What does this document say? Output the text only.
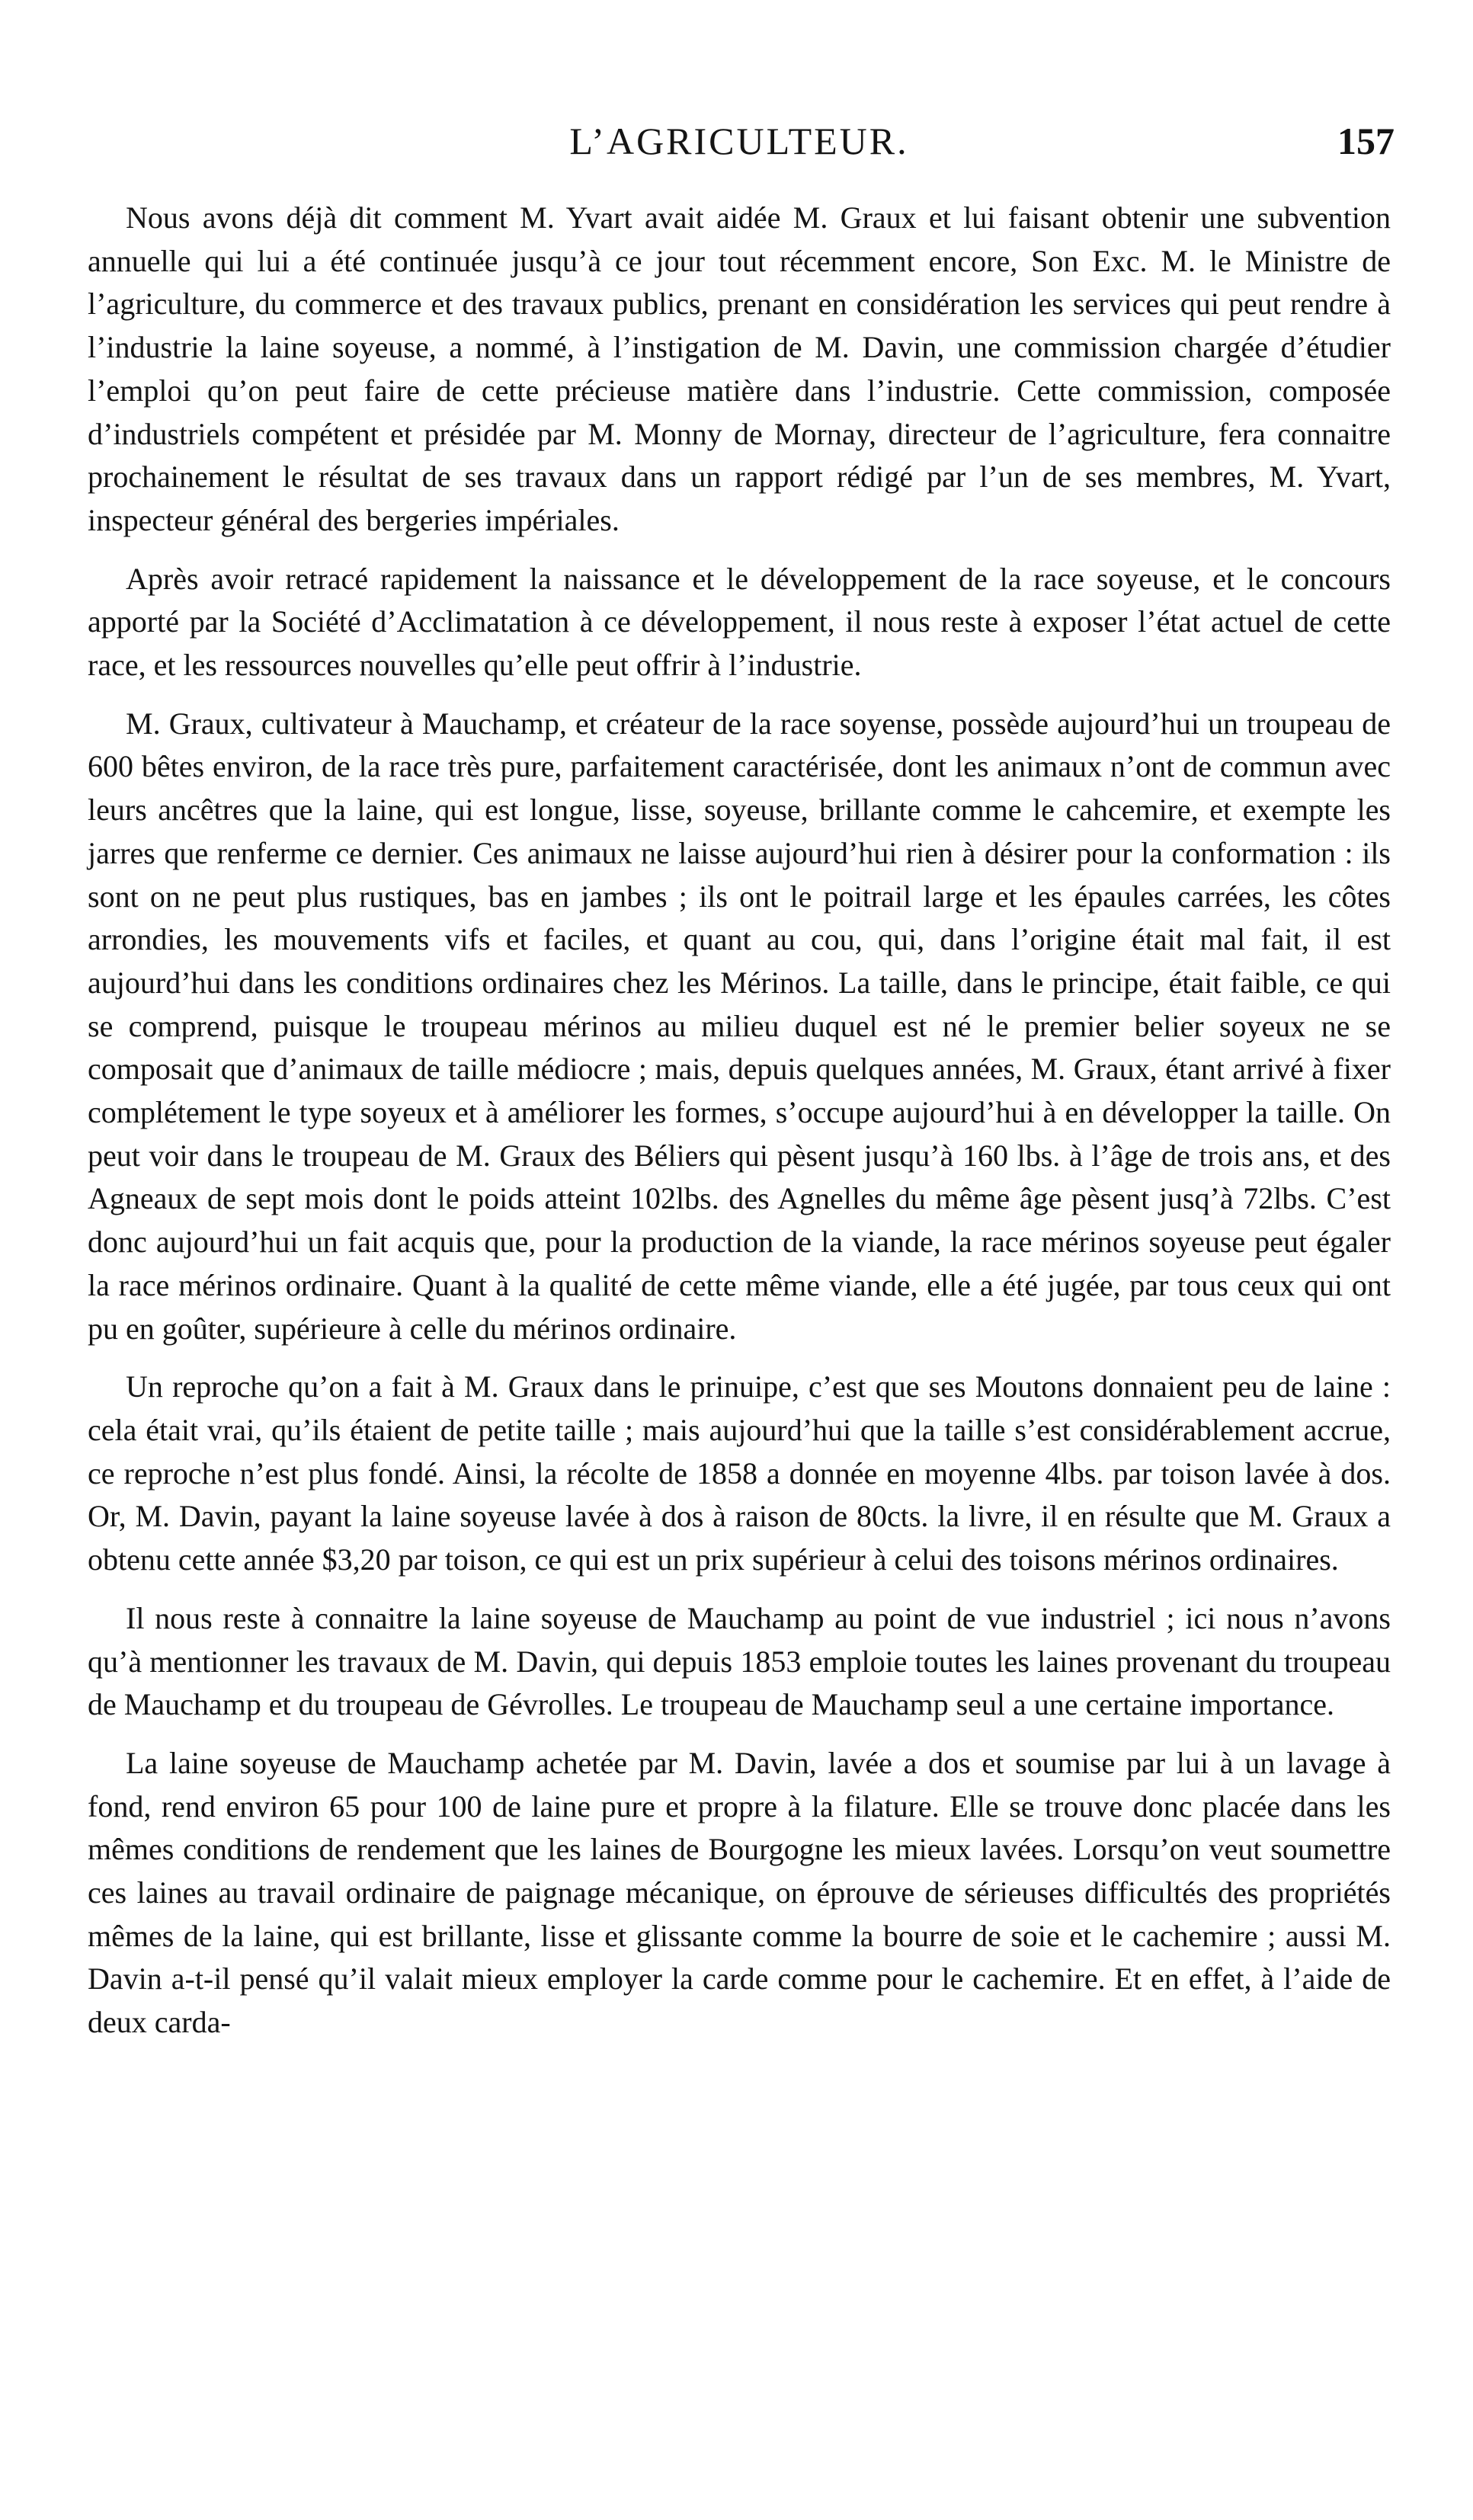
L’AGRICULTEUR.	157

Nous avons déjà dit comment M. Yvart avait aidée M. Graux et lui faisant obtenir une subvention annuelle qui lui a été continuée jusqu’à ce jour tout récemment encore, Son Exc. M. le Ministre de l’agriculture, du commerce et des travaux publics, prenant en considération les services qui peut rendre à l’industrie la laine soyeuse, a nommé, à l’instigation de M. Davin, une commission chargée d’étudier l’emploi qu’on peut faire de cette précieuse matière dans l’industrie. Cette commission, composée d’industriels compétent et présidée par M. Monny de Mornay, directeur de l’agriculture, fera connaitre prochainement le résultat de ses travaux dans un rapport rédigé par l’un de ses membres, M. Yvart, inspecteur général des bergeries impériales.

Après avoir retracé rapidement la naissance et le développement de la race soyeuse, et le concours apporté par la Société d’Acclimatation à ce développement, il nous reste à exposer l’état actuel de cette race, et les ressources nouvelles qu’elle peut offrir à l’industrie.

M. Graux, cultivateur à Mauchamp, et créateur de la race soyense, possède aujourd’hui un troupeau de 600 bêtes environ, de la race très pure, parfaitement caractérisée, dont les animaux n’ont de commun avec leurs ancêtres que la laine, qui est longue, lisse, soyeuse, brillante comme le cahcemire, et exempte les jarres que renferme ce dernier. Ces animaux ne laisse aujourd’hui rien à désirer pour la conformation : ils sont on ne peut plus rustiques, bas en jambes ; ils ont le poitrail large et les épaules carrées, les côtes arrondies, les mouvements vifs et faciles, et quant au cou, qui, dans l’origine était mal fait, il est aujourd’hui dans les conditions ordinaires chez les Mérinos. La taille, dans le principe, était faible, ce qui se comprend, puisque le troupeau mérinos au milieu duquel est né le premier belier soyeux ne se composait que d’animaux de taille médiocre ; mais, depuis quelques années, M. Graux, étant arrivé à fixer complétement le type soyeux et à améliorer les formes, s’occupe aujourd’hui à en développer la taille. On peut voir dans le troupeau de M. Graux des Béliers qui pèsent jusqu’à 160 lbs. à l’âge de trois ans, et des Agneaux de sept mois dont le poids atteint 102lbs. des Agnelles du même âge pèsent jusq’à 72lbs. C’est donc aujourd’hui un fait acquis que, pour la production de la viande, la race mérinos soyeuse peut égaler la race mérinos ordinaire. Quant à la qualité de cette même viande, elle a été jugée, par tous ceux qui ont pu en goûter, supérieure à celle du mérinos ordinaire.

Un reproche qu’on a fait à M. Graux dans le prinuipe, c’est que ses Moutons donnaient peu de laine : cela était vrai, qu’ils étaient de petite taille ; mais aujourd’hui que la taille s’est considérablement accrue, ce reproche n’est plus fondé. Ainsi, la récolte de 1858 a donnée en moyenne 4lbs. par toison lavée à dos. Or, M. Davin, payant la laine soyeuse lavée à dos à raison de 80cts. la livre, il en résulte que M. Graux a obtenu cette année $3,20 par toison, ce qui est un prix supérieur à celui des toisons mérinos ordinaires.

Il nous reste à connaitre la laine soyeuse de Mauchamp au point de vue industriel ; ici nous n’avons qu’à mentionner les travaux de M. Davin, qui depuis 1853 emploie toutes les laines provenant du troupeau de Mauchamp et du troupeau de Gévrolles. Le troupeau de Mauchamp seul a une certaine importance.

La laine soyeuse de Mauchamp achetée par M. Davin, lavée a dos et soumise par lui à un lavage à fond, rend environ 65 pour 100 de laine pure et propre à la filature. Elle se trouve donc placée dans les mêmes conditions de rendement que les laines de Bourgogne les mieux lavées. Lorsqu’on veut soumettre ces laines au travail ordinaire de paignage mécanique, on éprouve de sérieuses difficultés des propriétés mêmes de la laine, qui est brillante, lisse et glissante comme la bourre de soie et le cachemire ; aussi M. Davin a-t-il pensé qu’il valait mieux employer la carde comme pour le cachemire. Et en effet, à l’aide de deux carda-
